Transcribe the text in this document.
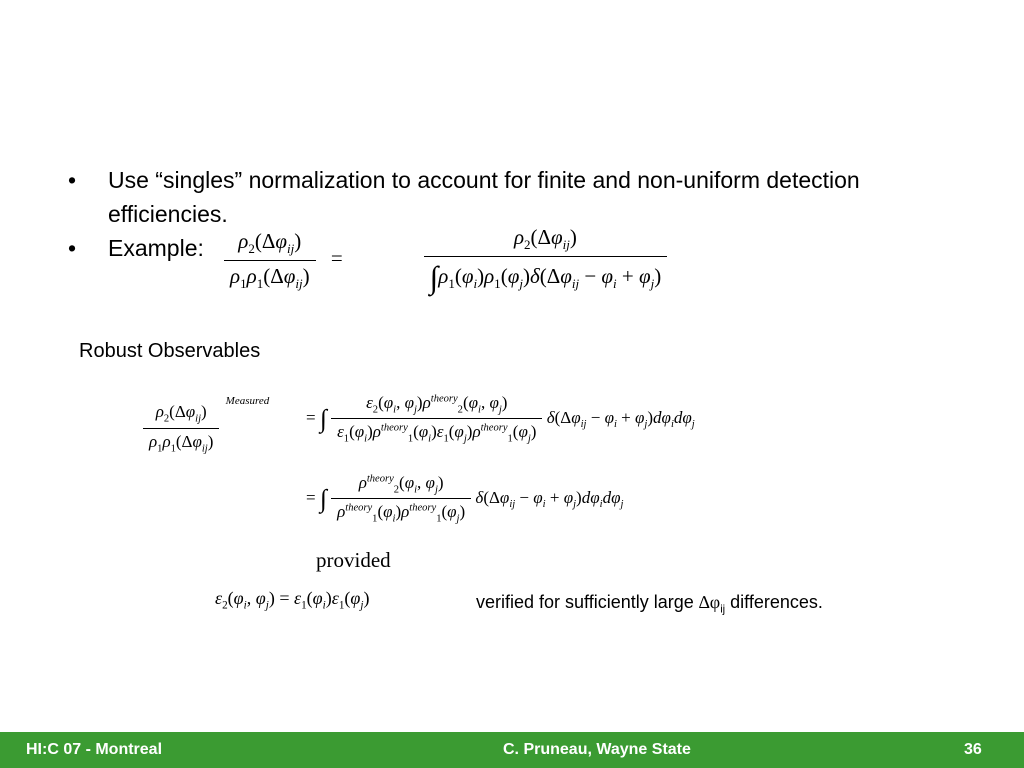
• Use “singles” normalization to account for finite and non-uniform detection efficiencies.
• Example: $\frac{\rho_2(\Delta\varphi_{ij})}{\rho_1\rho_1(\Delta\varphi_{ij})} = \frac{\rho_2(\Delta\varphi_{ij})}{\int\rho_1(\varphi_i)\rho_1(\varphi_j)\delta(\Delta\varphi_{ij} - \varphi_i + \varphi_j)}$
Robust Observables
$\frac{\rho_2(\Delta\varphi_{ij})}{\rho_1\rho_1(\Delta\varphi_{ij})}$
$^{Measured}$
= ∫ $\frac{\varepsilon_2(\varphi_i, \varphi_j)\rho^{theory}_2(\varphi_i, \varphi_j)}{\varepsilon_1(\varphi_i)\rho^{theory}_1(\varphi_i)\varepsilon_1(\varphi_j)\rho^{theory}_1(\varphi_j)} \delta(\Delta\varphi_{ij} - \varphi_i + \varphi_j)d\varphi_id\varphi_j$
= ∫ $\frac{\rho^{theory}_2(\varphi_i, \varphi_j)}{\rho^{theory}_1(\varphi_i)\rho^{theory}_1(\varphi_j)} \delta(\Delta\varphi_{ij} - \varphi_i + \varphi_j)d\varphi_id\varphi_j$
provided
$\varepsilon_2(\varphi_i$, $\varphi_j) = \varepsilon_1(\varphi_i)\varepsilon_1(\varphi_j)$	verified for sufficiently large $\Delta\varphi_{ij}$ differences.
HI:C 07 - Montreal	C. Pruneau, Wayne State	36
